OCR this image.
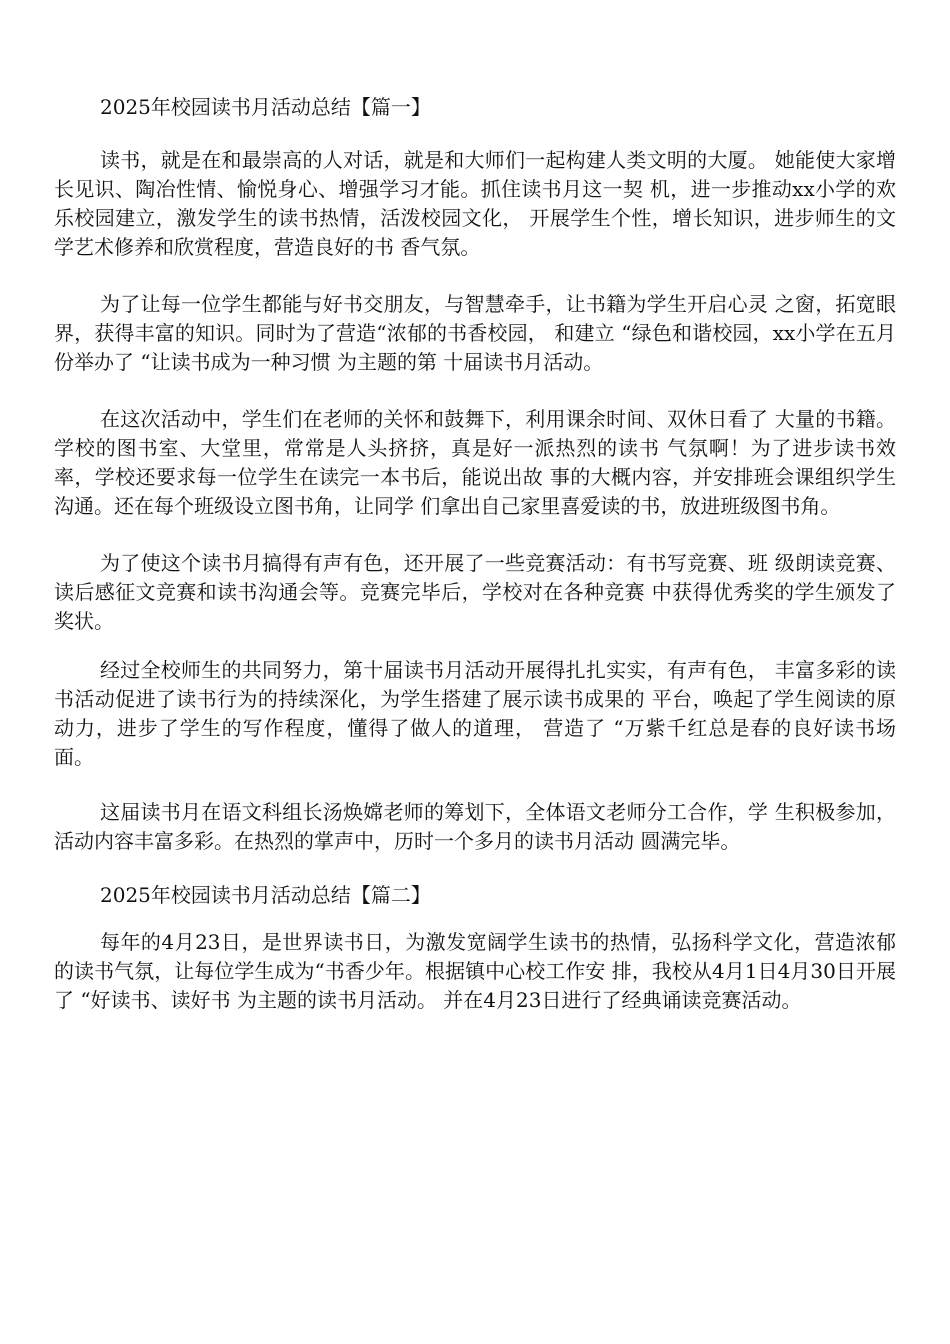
2025年校园读书月活动总结【篇一】

读书，就是在和最崇高的人对话，就是和大师们一起构建人类文明的大厦。 她能使大家增长见识、陶冶性情、愉悦身心、增强学习才能。抓住读书月这一契 机，进一步推动xx小学的欢乐校园建立，激发学生的读书热情，活泼校园文化， 开展学生个性，增长知识，进步师生的文学艺术修养和欣赏程度，营造良好的书 香气氛。

为了让每一位学生都能与好书交朋友，与智慧牵手，让书籍为学生开启心灵 之窗，拓宽眼界，获得丰富的知识。同时为了营造“浓郁的书香校园， 和建立 “绿色和谐校园，xx小学在五月份举办了 “让读书成为一种习惯 为主题的第 十届读书月活动。

在这次活动中，学生们在老师的关怀和鼓舞下，利用课余时间、双休日看了 大量的书籍。学校的图书室、大堂里，常常是人头挤挤，真是好一派热烈的读书 气氛啊！为了进步读书效率，学校还要求每一位学生在读完一本书后，能说出故 事的大概内容，并安排班会课组织学生沟通。还在每个班级设立图书角，让同学 们拿出自己家里喜爱读的书，放进班级图书角。

为了使这个读书月搞得有声有色，还开展了一些竞赛活动：有书写竞赛、班 级朗读竞赛、读后感征文竞赛和读书沟通会等。竞赛完毕后，学校对在各种竞赛 中获得优秀奖的学生颁发了奖状。

经过全校师生的共同努力，第十届读书月活动开展得扎扎实实，有声有色， 丰富多彩的读书活动促进了读书行为的持续深化，为学生搭建了展示读书成果的 平台，唤起了学生阅读的原动力，进步了学生的写作程度，懂得了做人的道理， 营造了 “万紫千红总是春的良好读书场面。

这届读书月在语文科组长汤焕嫦老师的筹划下，全体语文老师分工合作，学 生积极参加，活动内容丰富多彩。在热烈的掌声中，历时一个多月的读书月活动 圆满完毕。

2025年校园读书月活动总结【篇二】

每年的4月23日，是世界读书日，为激发宽阔学生读书的热情，弘扬科学文化，营造浓郁的读书气氛，让每位学生成为“书香少年。根据镇中心校工作安 排，我校从4月1日4月30日开展了 “好读书、读好书 为主题的读书月活动。 并在4月23日进行了经典诵读竞赛活动。
